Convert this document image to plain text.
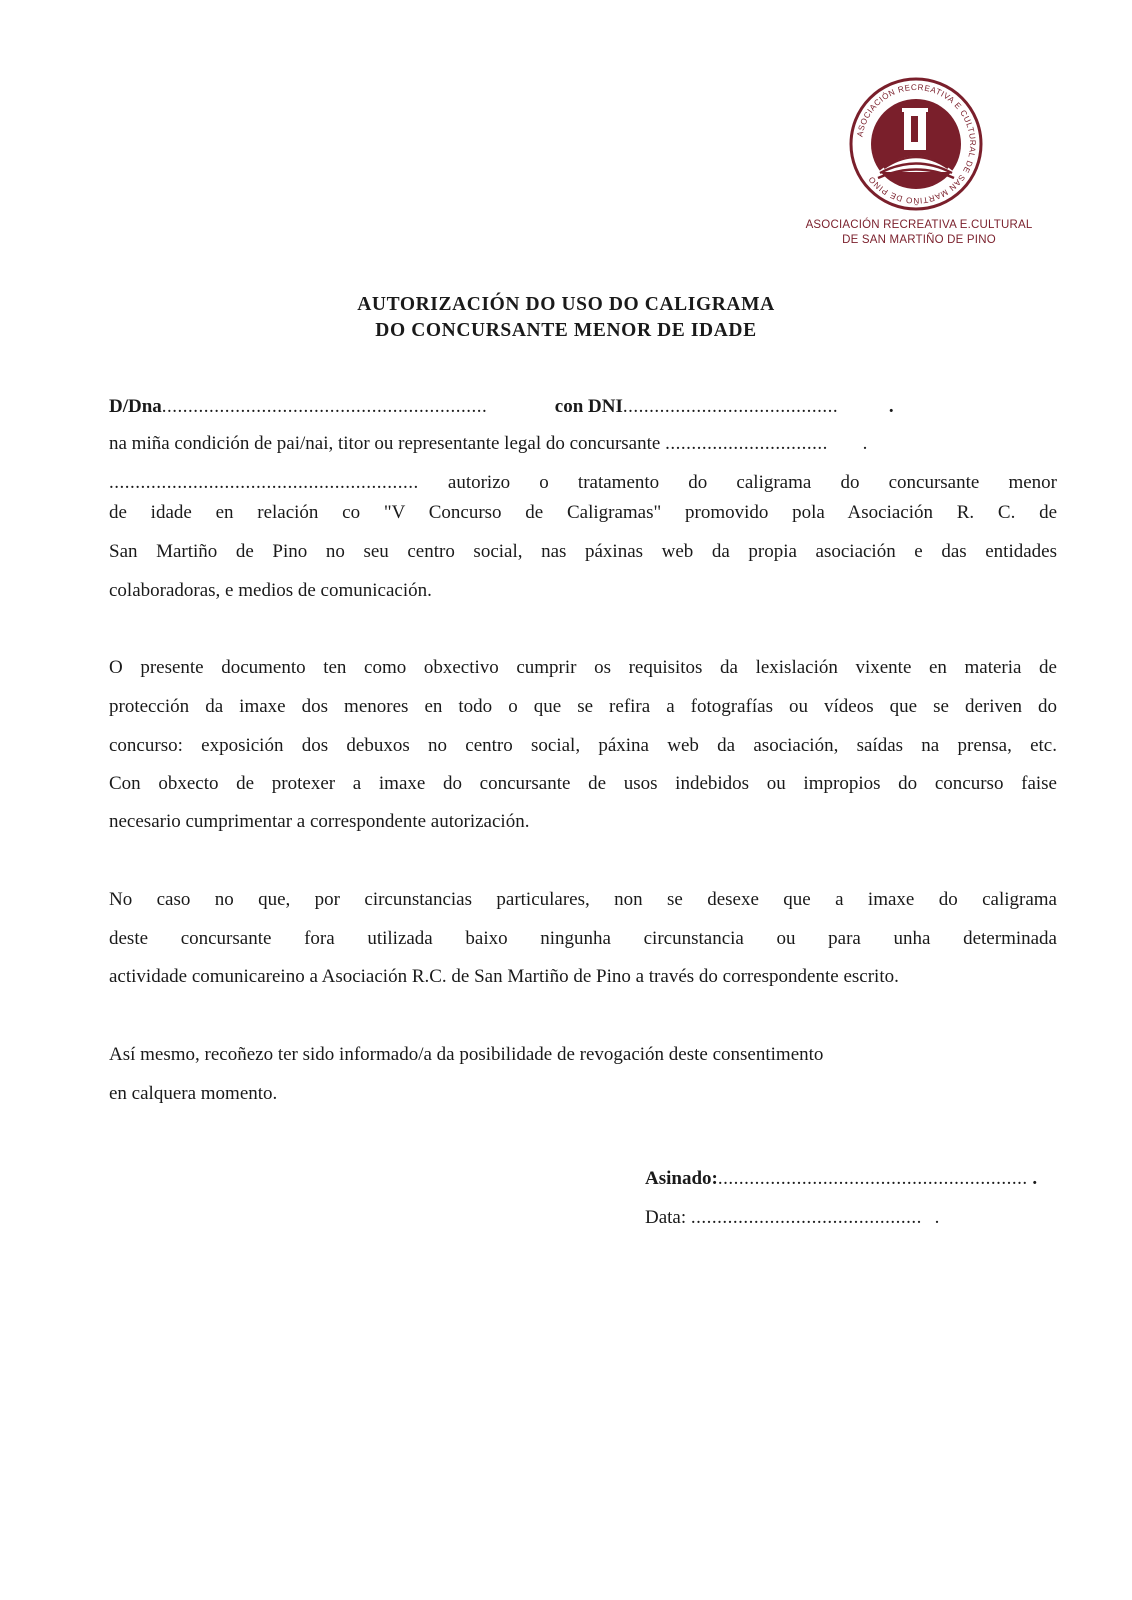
ASOCIACIÓN RECREATIVA E CULTURAL DE SAN MARTIÑO DE PINO
ASOCIACIÓN RECREATIVA E.CULTURAL
DE SAN MARTIÑO DE PINO
AUTORIZACIÓN DO USO DO CALIGRAMA
DO CONCURSANTE MENOR DE IDADE
D/Dna..............................................................	con DNI.........................................	.
na miña condición de pai/nai, titor ou representante legal do concursante ............................... .
........................................................... autorizo o tratamento do caligrama do concursante menor
de idade en relación co "V Concurso de Caligramas" promovido pola Asociación R. C. de
San Martiño de Pino no seu centro social, nas páxinas web da propia asociación e das entidades
colaboradoras, e medios de comunicación.
O presente documento ten como obxectivo cumprir os requisitos da lexislación vixente en materia de
protección da imaxe dos menores en todo o que se refira a fotografías ou vídeos que se deriven do
concurso: exposición dos debuxos no centro social, páxina web da asociación, saídas na prensa, etc.
Con obxecto de protexer a imaxe do concursante de usos indebidos ou impropios do concurso faise
necesario cumprimentar a correspondente autorización.
No caso no que, por circunstancias particulares, non se desexe que a imaxe do caligrama
deste concursante fora utilizada baixo ningunha circunstancia ou para unha determinada
actividade comunicareino a Asociación R.C. de San Martiño de Pino a través do correspondente escrito.
Así mesmo, recoñezo ter sido informado/a da posibilidade de revogación deste consentimento
en calquera momento.
Asinado:........................................................... .
Data: ............................................ .
